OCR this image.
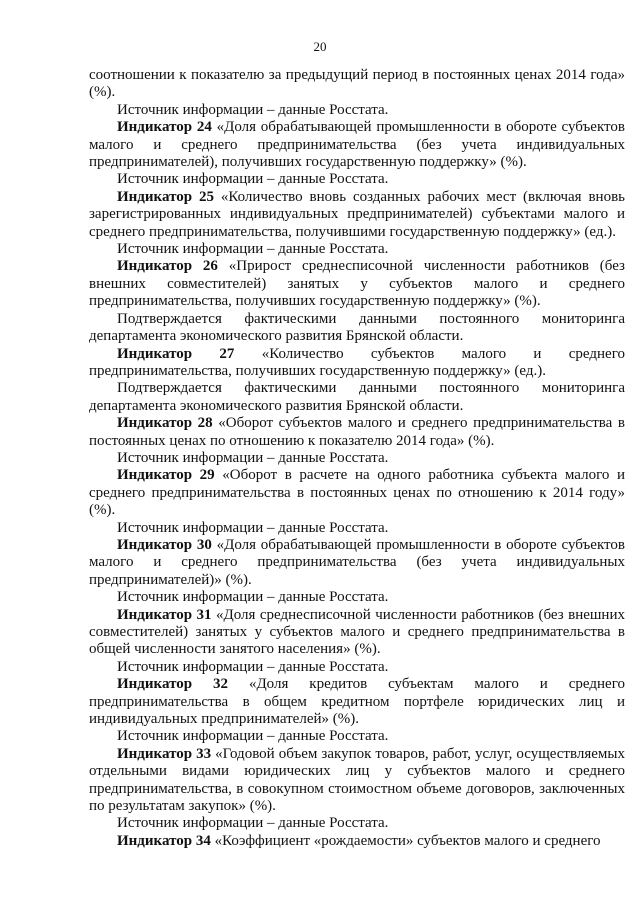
20

соотношении к показателю за предыдущий период в постоянных ценах 2014 года» (%).

Источник информации – данные Росстата.

Индикатор 24 «Доля обрабатывающей промышленности в обороте субъектов малого и среднего предпринимательства (без учета индивидуальных предпринимателей), получивших государственную поддержку» (%).

Источник информации – данные Росстата.

Индикатор 25 «Количество вновь созданных рабочих мест (включая вновь зарегистрированных индивидуальных предпринимателей) субъектами малого и среднего предпринимательства, получившими государственную поддержку» (ед.).

Источник информации – данные Росстата.

Индикатор 26 «Прирост среднесписочной численности работников (без внешних совместителей) занятых у субъектов малого и среднего предпринимательства, получивших государственную поддержку» (%).

Подтверждается фактическими данными постоянного мониторинга департамента экономического развития Брянской области.

Индикатор 27 «Количество субъектов малого и среднего предпринимательства, получивших государственную поддержку» (ед.).

Подтверждается фактическими данными постоянного мониторинга департамента экономического развития Брянской области.

Индикатор 28 «Оборот субъектов малого и среднего предпринимательства в постоянных ценах по отношению к показателю 2014 года» (%).

Источник информации – данные Росстата.

Индикатор 29 «Оборот в расчете на одного работника субъекта малого и среднего предпринимательства в постоянных ценах по отношению к 2014 году» (%).

Источник информации – данные Росстата.

Индикатор 30 «Доля обрабатывающей промышленности в обороте субъектов малого и среднего предпринимательства (без учета индивидуальных предпринимателей)» (%).

Источник информации – данные Росстата.

Индикатор 31 «Доля среднесписочной численности работников (без внешних совместителей) занятых у субъектов малого и среднего предпринимательства в общей численности занятого населения» (%).

Источник информации – данные Росстата.

Индикатор 32 «Доля кредитов субъектам малого и среднего предпринимательства в общем кредитном портфеле юридических лиц и индивидуальных предпринимателей» (%).

Источник информации – данные Росстата.

Индикатор 33 «Годовой объем закупок товаров, работ, услуг, осуществляемых отдельными видами юридических лиц у субъектов малого и среднего предпринимательства, в совокупном стоимостном объеме договоров, заключенных по результатам закупок» (%).

Источник информации – данные Росстата.

Индикатор 34 «Коэффициент «рождаемости» субъектов малого и среднего
